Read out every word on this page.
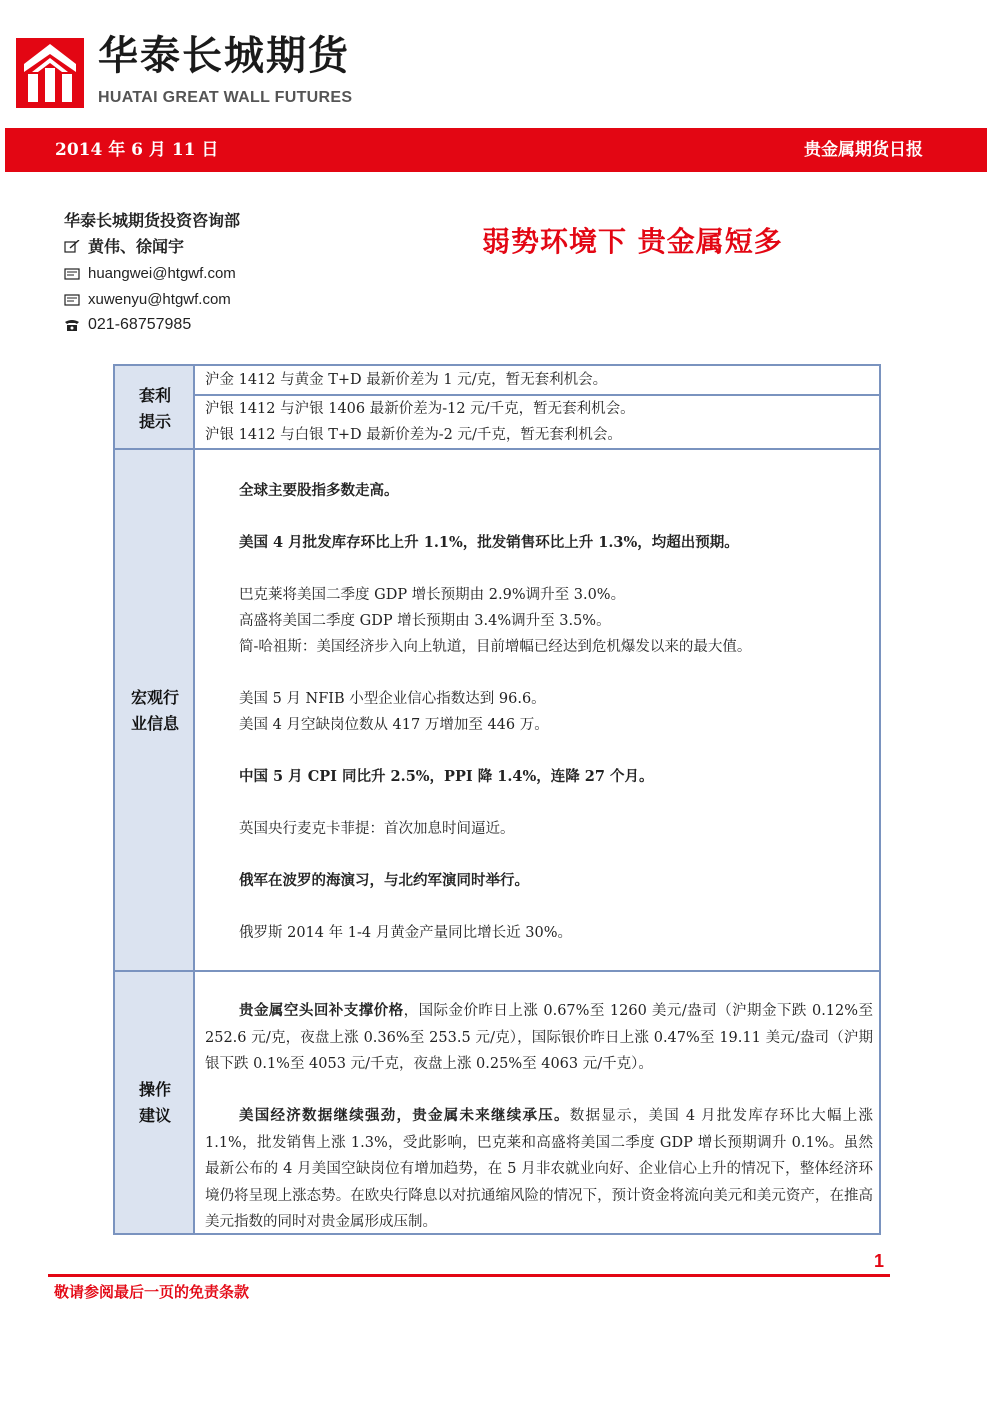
华泰长城期货
HUATAI GREAT WALL FUTURES
2014 年 6 月 11 日	贵金属期货日报
华泰长城期货投资咨询部
黄伟、徐闻宇
huangwei@htgwf.com
xuwenyu@htgwf.com
021-68757985
弱势环境下 贵金属短多
套利
提示
沪金 1412 与黄金 T+D 最新价差为 1 元/克，暂无套利机会。
沪银 1412 与沪银 1406 最新价差为-12 元/千克，暂无套利机会。
沪银 1412 与白银 T+D 最新价差为-2 元/千克，暂无套利机会。
宏观行
业信息
全球主要股指多数走高。
美国 4 月批发库存环比上升 1.1%，批发销售环比上升 1.3%，均超出预期。
巴克莱将美国二季度 GDP 增长预期由 2.9%调升至 3.0%。
高盛将美国二季度 GDP 增长预期由 3.4%调升至 3.5%。
简-哈祖斯：美国经济步入向上轨道，目前增幅已经达到危机爆发以来的最大值。
美国 5 月 NFIB 小型企业信心指数达到 96.6。
美国 4 月空缺岗位数从 417 万增加至 446 万。
中国 5 月 CPI 同比升 2.5%，PPI 降 1.4%，连降 27 个月。
英国央行麦克卡菲提：首次加息时间逼近。
俄军在波罗的海演习，与北约军演同时举行。
俄罗斯 2014 年 1-4 月黄金产量同比增长近 30%。
操作
建议
贵金属空头回补支撑价格，国际金价昨日上涨 0.67%至 1260 美元/盎司（沪期金下跌 0.12%至 252.6 元/克，夜盘上涨 0.36%至 253.5 元/克），国际银价昨日上涨 0.47%至 19.11 美元/盎司（沪期银下跌 0.1%至 4053 元/千克，夜盘上涨 0.25%至 4063 元/千克）。
美国经济数据继续强劲，贵金属未来继续承压。数据显示，美国 4 月批发库存环比大幅上涨 1.1%，批发销售上涨 1.3%，受此影响，巴克莱和高盛将美国二季度 GDP 增长预期调升 0.1%。虽然最新公布的 4 月美国空缺岗位有增加趋势，在 5 月非农就业向好、企业信心上升的情况下，整体经济环境仍将呈现上涨态势。在欧央行降息以对抗通缩风险的情况下，预计资金将流向美元和美元资产，在推高美元指数的同时对贵金属形成压制。
1
敬请参阅最后一页的免责条款
